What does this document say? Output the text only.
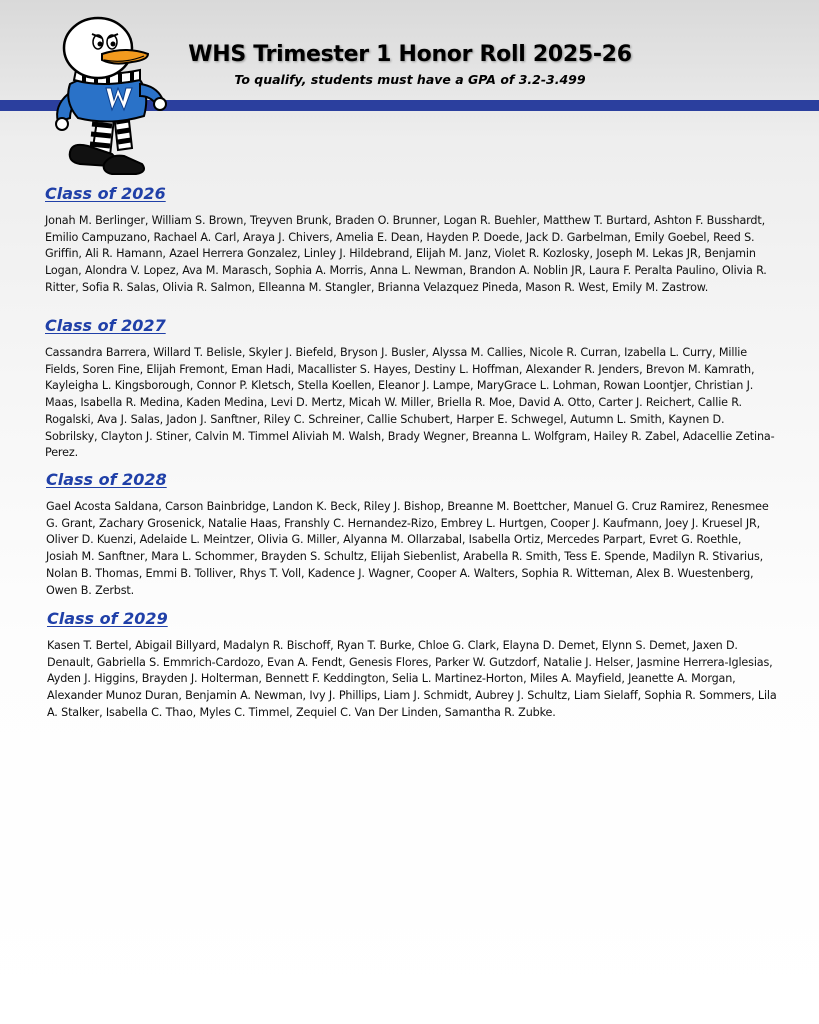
WHS Trimester 1 Honor Roll 2025-26
To qualify, students must have a GPA of 3.2-3.499
Class of 2026

Jonah M. Berlinger, William S. Brown, Treyven Brunk, Braden O. Brunner, Logan R. Buehler, Matthew T. Burtard, Ashton F. Busshardt, Emilio Campuzano, Rachael A. Carl, Araya J. Chivers, Amelia E. Dean, Hayden P. Doede, Jack D. Garbelman, Emily Goebel, Reed S. Griffin, Ali R. Hamann, Azael Herrera Gonzalez, Linley J. Hildebrand, Elijah M. Janz, Violet R. Kozlosky, Joseph M. Lekas JR, Benjamin Logan, Alondra V. Lopez, Ava M. Marasch, Sophia A. Morris, Anna L. Newman, Brandon A. Noblin JR, Laura F. Peralta Paulino, Olivia R. Ritter, Sofia R. Salas, Olivia R. Salmon, Elleanna M. Stangler, Brianna Velazquez Pineda, Mason R. West, Emily M. Zastrow.

Class of 2027

Cassandra Barrera, Willard T. Belisle, Skyler J. Biefeld, Bryson J. Busler, Alyssa M. Callies, Nicole R. Curran, Izabella L. Curry, Millie Fields, Soren Fine, Elijah Fremont, Eman Hadi, Macallister S. Hayes, Destiny L. Hoffman, Alexander R. Jenders, Brevon M. Kamrath, Kayleigha L. Kingsborough, Connor P. Kletsch, Stella Koellen, Eleanor J. Lampe, MaryGrace L. Lohman, Rowan Loontjer, Christian J. Maas, Isabella R. Medina, Kaden Medina, Levi D. Mertz, Micah W. Miller, Briella R. Moe, David A. Otto, Carter J. Reichert, Callie R. Rogalski, Ava J. Salas, Jadon J. Sanftner, Riley C. Schreiner, Callie Schubert, Harper E. Schwegel, Autumn L. Smith, Kaynen D. Sobrilsky, Clayton J. Stiner, Calvin M. Timmel Aliviah M. Walsh, Brady Wegner, Breanna L. Wolfgram, Hailey R. Zabel, Adacellie Zetina-Perez.

Class of 2028

Gael Acosta Saldana, Carson Bainbridge, Landon K. Beck, Riley J. Bishop, Breanne M. Boettcher, Manuel G. Cruz Ramirez, Renesmee G. Grant, Zachary Grosenick, Natalie Haas, Franshly C. Hernandez-Rizo, Embrey L. Hurtgen, Cooper J. Kaufmann, Joey J. Kruesel JR, Oliver D. Kuenzi, Adelaide L. Meintzer, Olivia G. Miller, Alyanna M. Ollarzabal, Isabella Ortiz, Mercedes Parpart, Evret G. Roethle, Josiah M. Sanftner, Mara L. Schommer, Brayden S. Schultz, Elijah Siebenlist, Arabella R. Smith, Tess E. Spende, Madilyn R. Stivarius, Nolan B. Thomas, Emmi B. Tolliver, Rhys T. Voll, Kadence J. Wagner, Cooper A. Walters, Sophia R. Witteman, Alex B. Wuestenberg, Owen B. Zerbst.

Class of 2029

Kasen T. Bertel, Abigail Billyard, Madalyn R. Bischoff, Ryan T. Burke, Chloe G. Clark, Elayna D. Demet, Elynn S. Demet, Jaxen D. Denault, Gabriella S. Emmrich-Cardozo, Evan A. Fendt, Genesis Flores, Parker W. Gutzdorf, Natalie J. Helser, Jasmine Herrera-Iglesias, Ayden J. Higgins, Brayden J. Holterman, Bennett F. Keddington, Selia L. Martinez-Horton, Miles A. Mayfield, Jeanette A. Morgan, Alexander Munoz Duran, Benjamin A. Newman, Ivy J. Phillips, Liam J. Schmidt, Aubrey J. Schultz, Liam Sielaff, Sophia R. Sommers, Lila A. Stalker, Isabella C. Thao, Myles C. Timmel, Zequiel C. Van Der Linden, Samantha R. Zubke.
